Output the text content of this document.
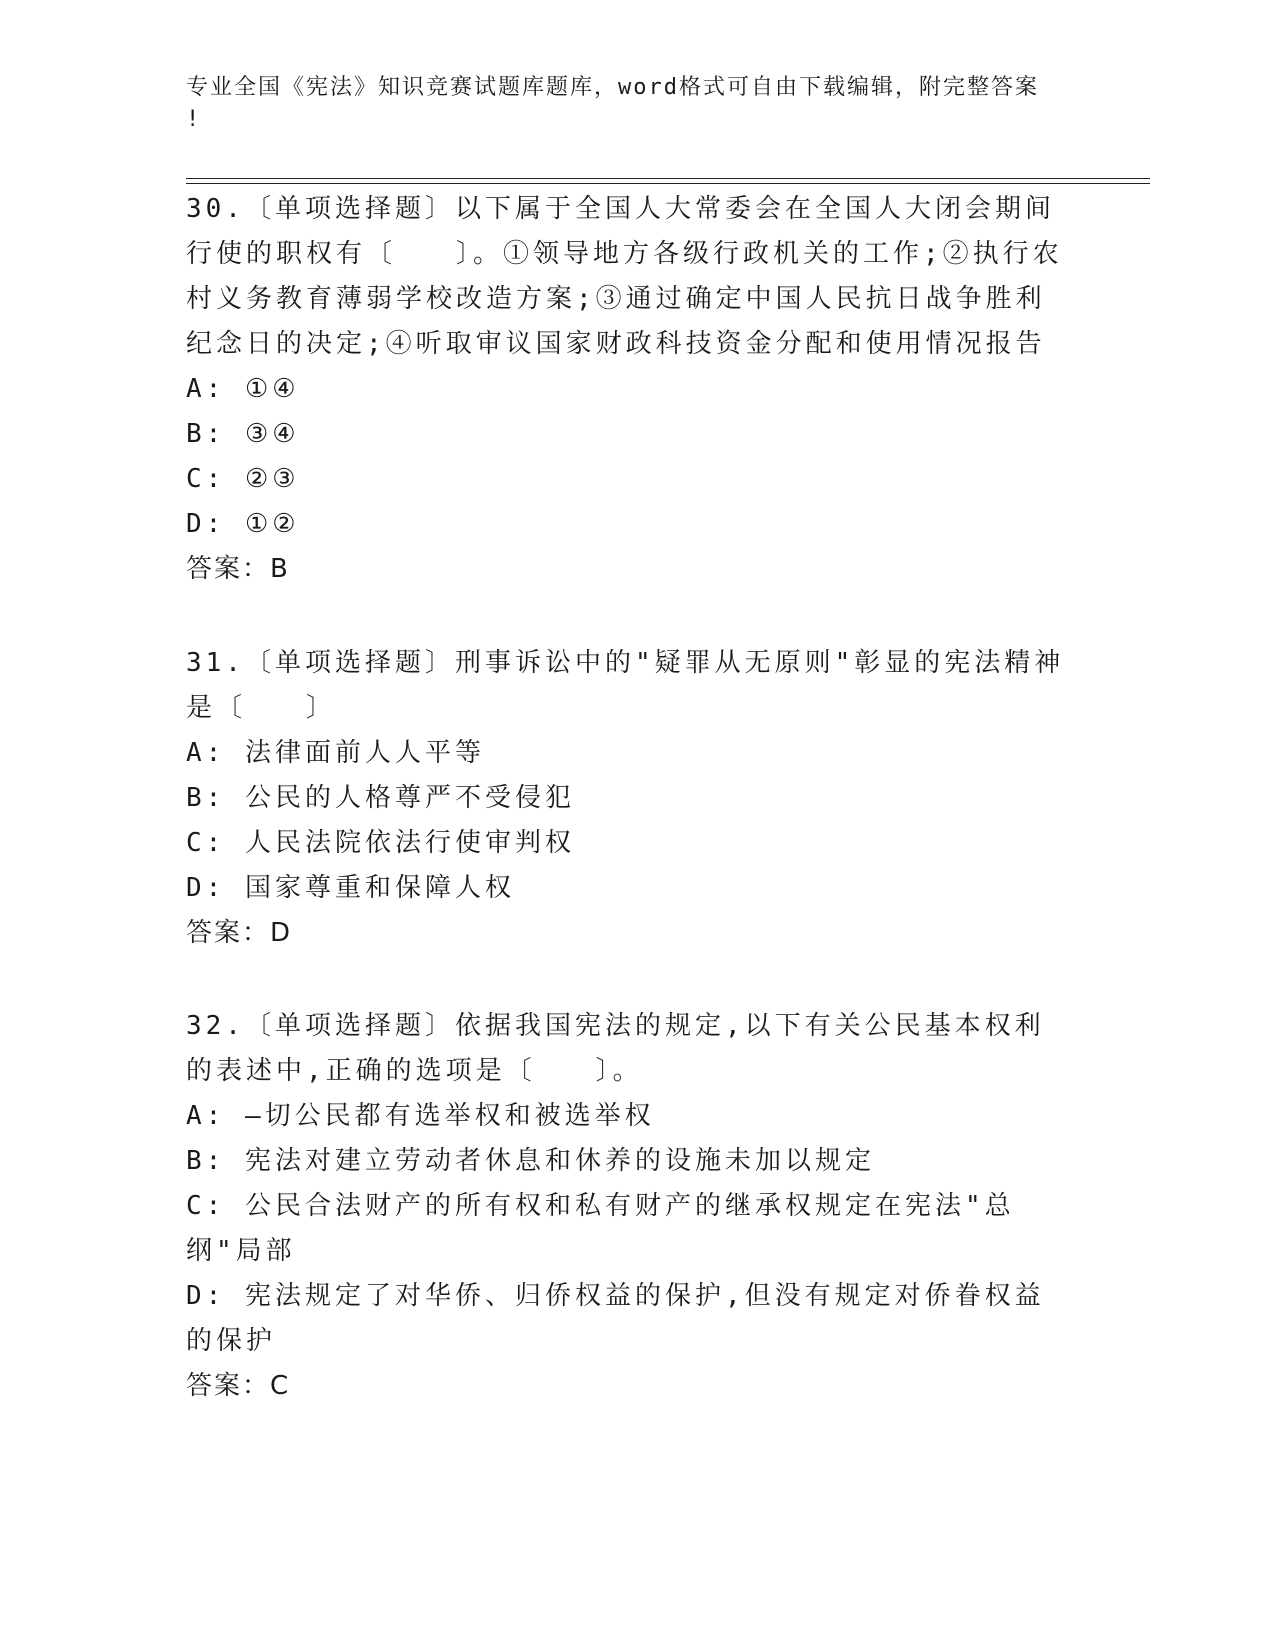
专业全国《宪法》知识竞赛试题库题库，word格式可自由下载编辑，附完整答案
!

30.〔单项选择题〕以下属于全国人大常委会在全国人大闭会期间行使的职权有〔　　〕。①领导地方各级行政机关的工作;②执行农村义务教育薄弱学校改造方案;③通过确定中国人民抗日战争胜利纪念日的决定;④听取审议国家财政科技资金分配和使用情况报告

A: ①④

B: ③④

C: ②③

D: ①②

答案：B

31.〔单项选择题〕刑事诉讼中的"疑罪从无原则"彰显的宪法精神是〔　　〕

A: 法律面前人人平等

B: 公民的人格尊严不受侵犯

C: 人民法院依法行使审判权

D: 国家尊重和保障人权

答案：D

32.〔单项选择题〕依据我国宪法的规定,以下有关公民基本权利的表述中,正确的选项是〔　　〕。

A: —切公民都有选举权和被选举权

B: 宪法对建立劳动者休息和休养的设施未加以规定

C: 公民合法财产的所有权和私有财产的继承权规定在宪法"总纲"局部

D: 宪法规定了对华侨、归侨权益的保护,但没有规定对侨眷权益的保护

答案：C
